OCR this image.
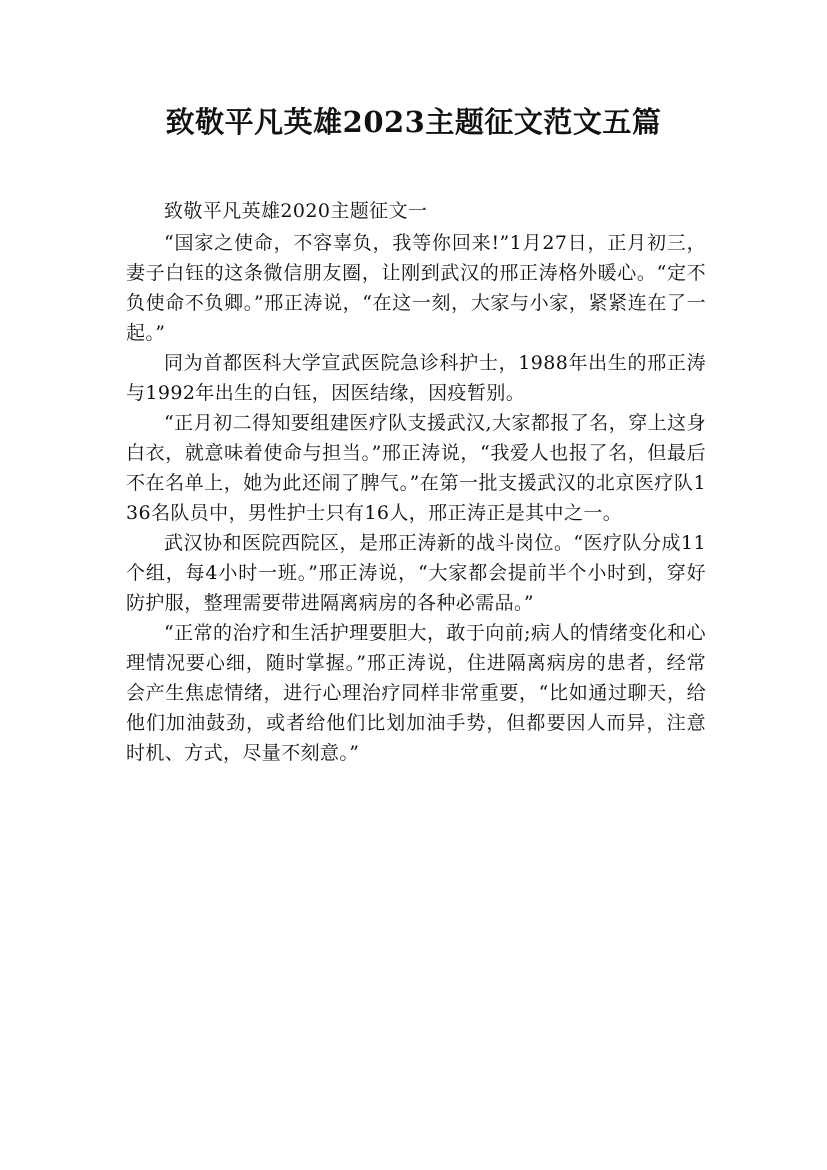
致敬平凡英雄2023主题征文范文五篇

致敬平凡英雄2020主题征文一

“国家之使命，不容辜负，我等你回来!”1月27日，正月初三，妻子白钰的这条微信朋友圈，让刚到武汉的邢正涛格外暖心。“定不负使命不负卿。”邢正涛说，“在这一刻，大家与小家，紧紧连在了一起。”

同为首都医科大学宣武医院急诊科护士，1988年出生的邢正涛与1992年出生的白钰，因医结缘，因疫暂别。

“正月初二得知要组建医疗队支援武汉,大家都报了名，穿上这身白衣，就意味着使命与担当。”邢正涛说，“我爱人也报了名，但最后不在名单上，她为此还闹了脾气。”在第一批支援武汉的北京医疗队136名队员中，男性护士只有16人，邢正涛正是其中之一。

武汉协和医院西院区，是邢正涛新的战斗岗位。“医疗队分成11个组，每4小时一班。”邢正涛说，“大家都会提前半个小时到，穿好防护服，整理需要带进隔离病房的各种必需品。”

“正常的治疗和生活护理要胆大，敢于向前;病人的情绪变化和心理情况要心细，随时掌握。”邢正涛说，住进隔离病房的患者，经常会产生焦虑情绪，进行心理治疗同样非常重要，“比如通过聊天，给他们加油鼓劲，或者给他们比划加油手势，但都要因人而异，注意时机、方式，尽量不刻意。”
